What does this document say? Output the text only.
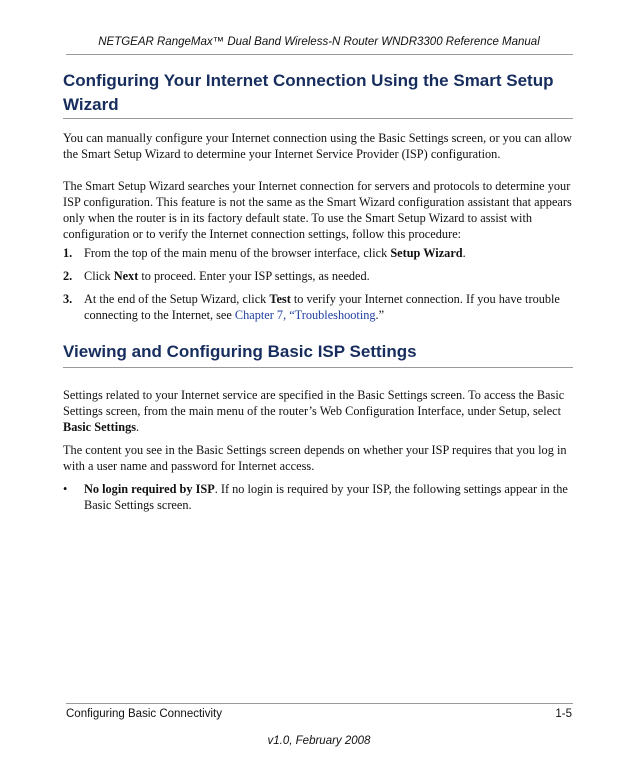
NETGEAR RangeMax™ Dual Band Wireless-N Router WNDR3300 Reference Manual
Configuring Your Internet Connection Using the Smart Setup Wizard

You can manually configure your Internet connection using the Basic Settings screen, or you can allow the Smart Setup Wizard to determine your Internet Service Provider (ISP) configuration.

The Smart Setup Wizard searches your Internet connection for servers and protocols to determine your ISP configuration. This feature is not the same as the Smart Wizard configuration assistant that appears only when the router is in its factory default state. To use the Smart Setup Wizard to assist with configuration or to verify the Internet connection settings, follow this procedure:

1. From the top of the main menu of the browser interface, click Setup Wizard.
2. Click Next to proceed. Enter your ISP settings, as needed.
3. At the end of the Setup Wizard, click Test to verify your Internet connection. If you have trouble connecting to the Internet, see Chapter 7, “Troubleshooting.”
Viewing and Configuring Basic ISP Settings

Settings related to your Internet service are specified in the Basic Settings screen. To access the Basic Settings screen, from the main menu of the router’s Web Configuration Interface, under Setup, select Basic Settings.

The content you see in the Basic Settings screen depends on whether your ISP requires that you log in with a user name and password for Internet access.

•	No login required by ISP. If no login is required by your ISP, the following settings appear in the Basic Settings screen.
Configuring Basic Connectivity	1-5
v1.0, February 2008
